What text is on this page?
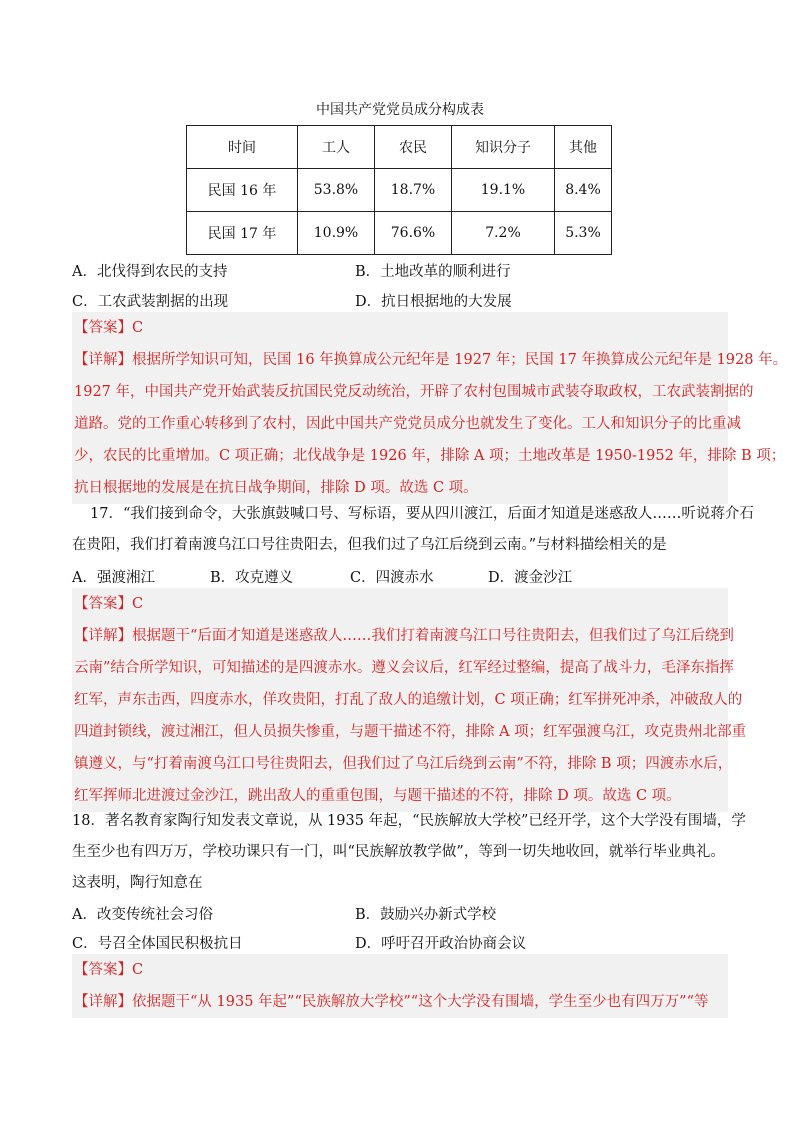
中国共产党党员成分构成表
时间	工人	农民	知识分子	其他
民国 16 年	53.8%	18.7%	19.1%	8.4%
民国 17 年	10.9%	76.6%	7.2%	5.3%
A．北伐得到农民的支持	B．土地改革的顺利进行
C．工农武装割据的出现	D．抗日根据地的大发展

【答案】C

【详解】根据所学知识可知，民国 16 年换算成公元纪年是 1927 年；民国 17 年换算成公元纪年是 1928 年。

1927 年，中国共产党开始武装反抗国民党反动统治，开辟了农村包围城市武装夺取政权，工农武装割据的

道路。党的工作重心转移到了农村，因此中国共产党党员成分也就发生了变化。工人和知识分子的比重减

少，农民的比重增加。C 项正确；北伐战争是 1926 年，排除 A 项；土地改革是 1950-1952 年，排除 B 项；

抗日根据地的发展是在抗日战争期间，排除 D 项。故选 C 项。

17．“我们接到命令，大张旗鼓喊口号、写标语，要从四川渡江，后面才知道是迷惑敌人……听说蒋介石

在贵阳，我们打着南渡乌江口号往贵阳去，但我们过了乌江后绕到云南。”与材料描绘相关的是

A．强渡湘江	B．攻克遵义	C．四渡赤水	D．渡金沙江

【答案】C

【详解】根据题干“后面才知道是迷惑敌人……我们打着南渡乌江口号往贵阳去，但我们过了乌江后绕到

云南”结合所学知识，可知描述的是四渡赤水。遵义会议后，红军经过整编，提高了战斗力，毛泽东指挥

红军，声东击西，四度赤水，佯攻贵阳，打乱了敌人的追缴计划，C 项正确；红军拼死冲杀，冲破敌人的

四道封锁线，渡过湘江，但人员损失惨重，与题干描述不符，排除 A 项；红军强渡乌江，攻克贵州北部重

镇遵义，与“打着南渡乌江口号往贵阳去，但我们过了乌江后绕到云南”不符，排除 B 项；四渡赤水后，

红军挥师北进渡过金沙江，跳出敌人的重重包围，与题干描述的不符，排除 D 项。故选 C 项。

18．著名教育家陶行知发表文章说，从 1935 年起，“民族解放大学校”已经开学，这个大学没有围墙，学

生至少也有四万万，学校功课只有一门，叫“民族解放教学做”，等到一切失地收回，就举行毕业典礼。

这表明，陶行知意在

A．改变传统社会习俗	B．鼓励兴办新式学校
C．号召全体国民积极抗日	D．呼吁召开政治协商会议

【答案】C

【详解】依据题干“从 1935 年起”“民族解放大学校”“这个大学没有围墙，学生至少也有四万万”“等
